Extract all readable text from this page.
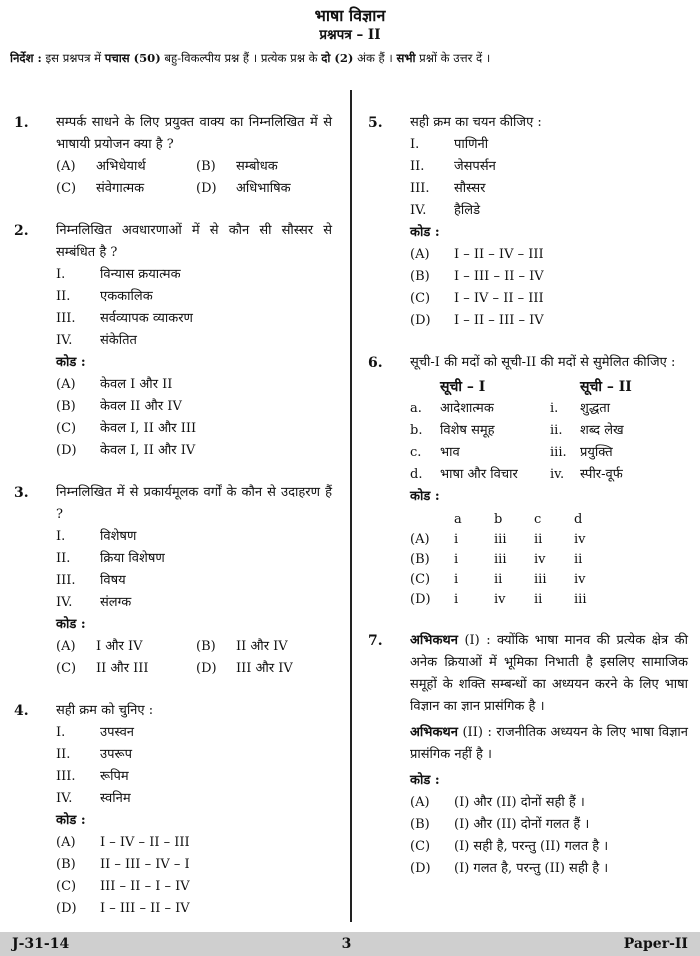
भाषा विज्ञान
प्रश्नपत्र – II
निर्देश : इस प्रश्नपत्र में पचास (50) बहु-विकल्पीय प्रश्न हैं । प्रत्येक प्रश्न के दो (2) अंक हैं । सभी प्रश्नों के उत्तर दें ।
1. सम्पर्क साधने के लिए प्रयुक्त वाक्य का निम्नलिखित में से भाषायी प्रयोजन क्या है ?
(A)	अभिधेयार्थ	(B)	सम्बोधक
(C)	संवेगात्मक	(D)	अधिभाषिक
2. निम्नलिखित अवधारणाओं में से कौन सी सौस्सर से सम्बंधित है ?
I.	विन्यास क्रयात्मक
II.	एककालिक
III.	सर्वव्यापक व्याकरण
IV.	संकेतित
कोड :
(A)	केवल I और II
(B)	केवल II और IV
(C)	केवल I, II और III
(D)	केवल I, II और IV
3. निम्नलिखित में से प्रकार्यमूलक वर्गों के कौन से उदाहरण हैं ?
I.	विशेषण
II.	क्रिया विशेषण
III.	विषय
IV.	संलग्क
कोड :
(A)	I और IV	(B)	II और IV
(C)	II और III	(D)	III और IV
4. सही क्रम को चुनिए :
I.	उपस्वन
II.	उपरूप
III.	रूपिम
IV.	स्वनिम
कोड :
(A)	I – IV – II – III
(B)	II – III – IV – I
(C)	III – II – I – IV
(D)	I – III – II – IV
5. सही क्रम का चयन कीजिए :
I.	पाणिनी
II.	जेसपर्सन
III.	सौस्सर
IV.	हैलिडे
कोड :
(A)	I – II – IV – III
(B)	I – III – II – IV
(C)	I – IV – II – III
(D)	I – II – III – IV
6. सूची-I की मदों को सूची-II की मदों से सुमेलित कीजिए :
	सूची – I		सूची – II
a.	आदेशात्मक	i.	शुद्धता
b.	विशेष समूह	ii.	शब्द लेख
c.	भाव	iii.	प्रयुक्ति
d.	भाषा और विचार	iv.	स्पीर-वूर्फ
कोड :
	a	b	c	d
(A)	i	iii	ii	iv
(B)	i	iii	iv	ii
(C)	i	ii	iii	iv
(D)	i	iv	ii	iii
7. अभिकथन (I) : क्योंकि भाषा मानव की प्रत्येक क्षेत्र की अनेक क्रियाओं में भूमिका निभाती है इसलिए सामाजिक समूहों के शक्ति सम्बन्धों का अध्ययन करने के लिए भाषा विज्ञान का ज्ञान प्रासंगिक है ।
अभिकथन (II) : राजनीतिक अध्ययन के लिए भाषा विज्ञान प्रासंगिक नहीं है ।
कोड :
(A)	(I) और (II) दोनों सही हैं ।
(B)	(I) और (II) दोनों गलत हैं ।
(C)	(I) सही है, परन्तु (II) गलत है ।
(D)	(I) गलत है, परन्तु (II) सही है ।
J-31-14	3	Paper-II
